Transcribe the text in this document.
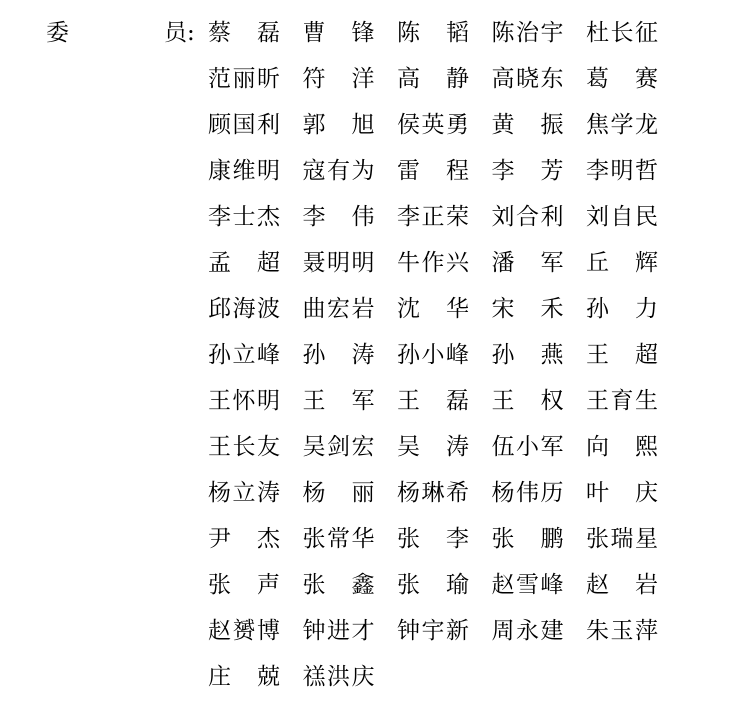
委	员: 蔡 磊 曹 锋 陈 韬 陈 治 宇 杜 长 征
范 丽 昕 符 洋 高 静 高 晓 东 葛 赛
顾 国 利 郭 旭 侯 英 勇 黄 振 焦 学 龙
康 维 明 寇 有 为 雷 程 李 芳 李 明 哲
李 士 杰 李 伟 李 正 荣 刘 合 利 刘 自 民
孟 超 聂 明 明 牛 作 兴 潘 军 丘 辉
邱 海 波 曲 宏 岩 沈 华 宋 禾 孙 力
孙 立 峰 孙 涛 孙 小 峰 孙 燕 王 超
王 怀 明 王 军 王 磊 王 权 王 育 生
王 长 友 吴 剑 宏 吴 涛 伍 小 军 向 熙
杨 立 涛 杨 丽 杨 琳 希 杨 伟 历 叶 庆
尹 杰 张 常 华 张 李 张 鹏 张 瑞 星
张 声 张 鑫 张 瑜 赵 雪 峰 赵 岩
赵 赟 博 钟 进 才 钟 宇 新 周 永 建 朱 玉 萍
庄 兢 禚 洪 庆
